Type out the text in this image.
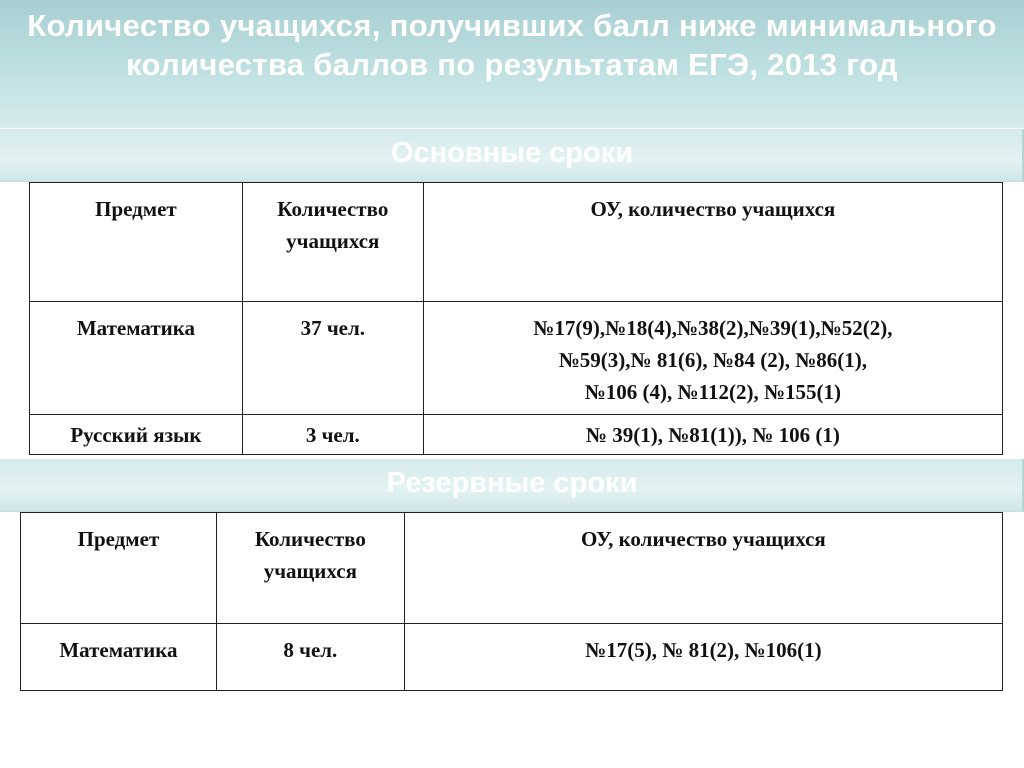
Количество учащихся, получивших балл ниже минимального количества баллов по результатам ЕГЭ, 2013 год
Основные сроки
Предмет	Количество учащихся	ОУ, количество учащихся
Математика	37 чел.	№17(9),№18(4),№38(2),№39(1),№52(2),
№59(3),№ 81(6), №84 (2), №86(1),
№106 (4), №112(2), №155(1)

Русский язык	3 чел.	№ 39(1), №81(1)), № 106 (1)
Резервные сроки
Предмет	Количество учащихся	ОУ, количество учащихся
Математика	8 чел.	№17(5), № 81(2), №106(1)
